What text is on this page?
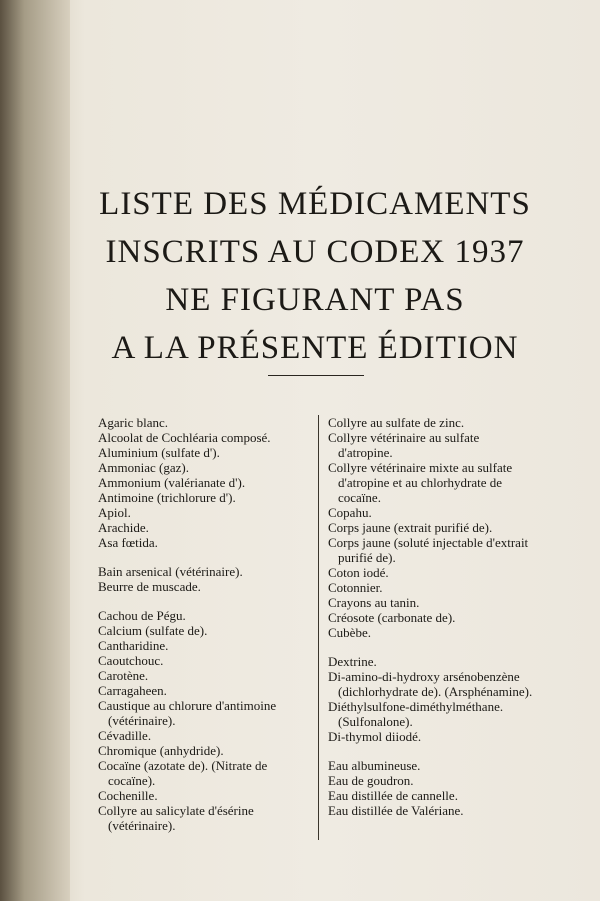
LISTE DES MÉDICAMENTS
INSCRITS AU CODEX 1937
NE FIGURANT PAS
A LA PRÉSENTE ÉDITION

Agaric blanc.

Alcoolat de Cochléaria composé.

Aluminium (sulfate d').

Ammoniac (gaz).

Ammonium (valérianate d').

Antimoine (trichlorure d').

Apiol.

Arachide.

Asa fœtida.

Bain arsenical (vétérinaire).

Beurre de muscade.

Cachou de Pégu.

Calcium (sulfate de).

Cantharidine.

Caoutchouc.

Carotène.

Carragaheen.

Caustique au chlorure d'antimoine (vétérinaire).

Cévadille.

Chromique (anhydride).

Cocaïne (azotate de). (Nitrate de cocaïne).

Cochenille.

Collyre au salicylate d'ésérine (vétérinaire).

Collyre au sulfate de zinc.

Collyre vétérinaire au sulfate d'atropine.

Collyre vétérinaire mixte au sulfate d'atropine et au chlorhydrate de cocaïne.

Copahu.

Corps jaune (extrait purifié de).

Corps jaune (soluté injectable d'extrait purifié de).

Coton iodé.

Cotonnier.

Crayons au tanin.

Créosote (carbonate de).

Cubèbe.

Dextrine.

Di-amino-di-hydroxy arsénobenzène (dichlorhydrate de). (Arsphénamine).

Diéthylsulfone-diméthylméthane. (Sulfonalone).

Di-thymol diiodé.

Eau albumineuse.

Eau de goudron.

Eau distillée de cannelle.

Eau distillée de Valériane.
